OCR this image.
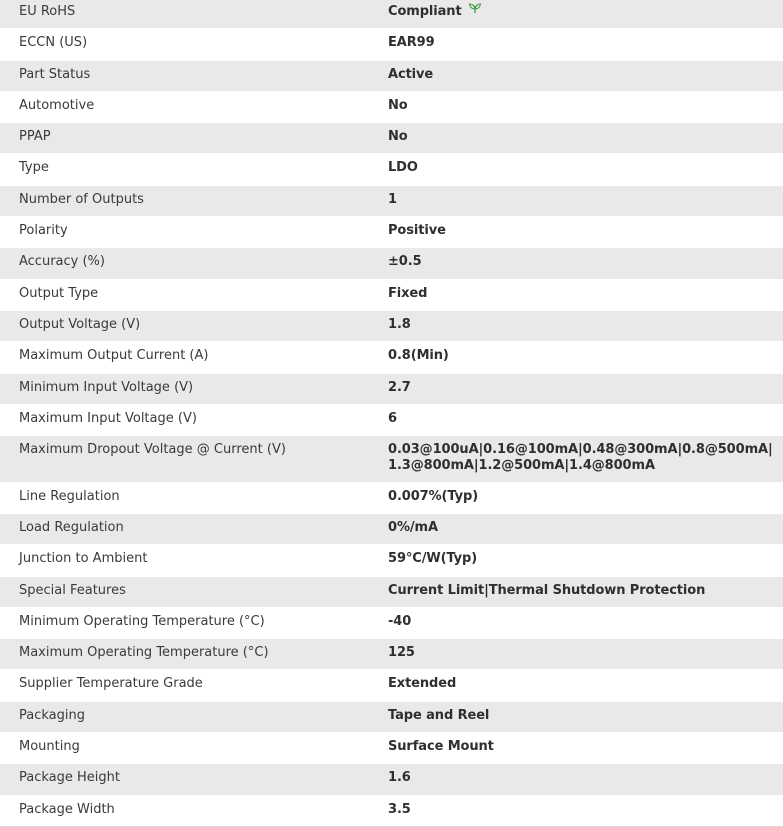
EU RoHS	Compliant
ECCN (US)	EAR99
Part Status	Active
Automotive	No
PPAP	No
Type	LDO
Number of Outputs	1
Polarity	Positive
Accuracy (%)	±0.5
Output Type	Fixed
Output Voltage (V)	1.8
Maximum Output Current (A)	0.8(Min)
Minimum Input Voltage (V)	2.7
Maximum Input Voltage (V)	6
Maximum Dropout Voltage @ Current (V)	0.03@100uA|0.16@100mA|0.48@300mA|0.8@500mA|
1.3@800mA|1.2@500mA|1.4@800mA
Line Regulation	0.007%(Typ)
Load Regulation	0%/mA
Junction to Ambient	59°C/W(Typ)
Special Features	Current Limit|Thermal Shutdown Protection
Minimum Operating Temperature (°C)	-40
Maximum Operating Temperature (°C)	125
Supplier Temperature Grade	Extended
Packaging	Tape and Reel
Mounting	Surface Mount
Package Height	1.6
Package Width	3.5
